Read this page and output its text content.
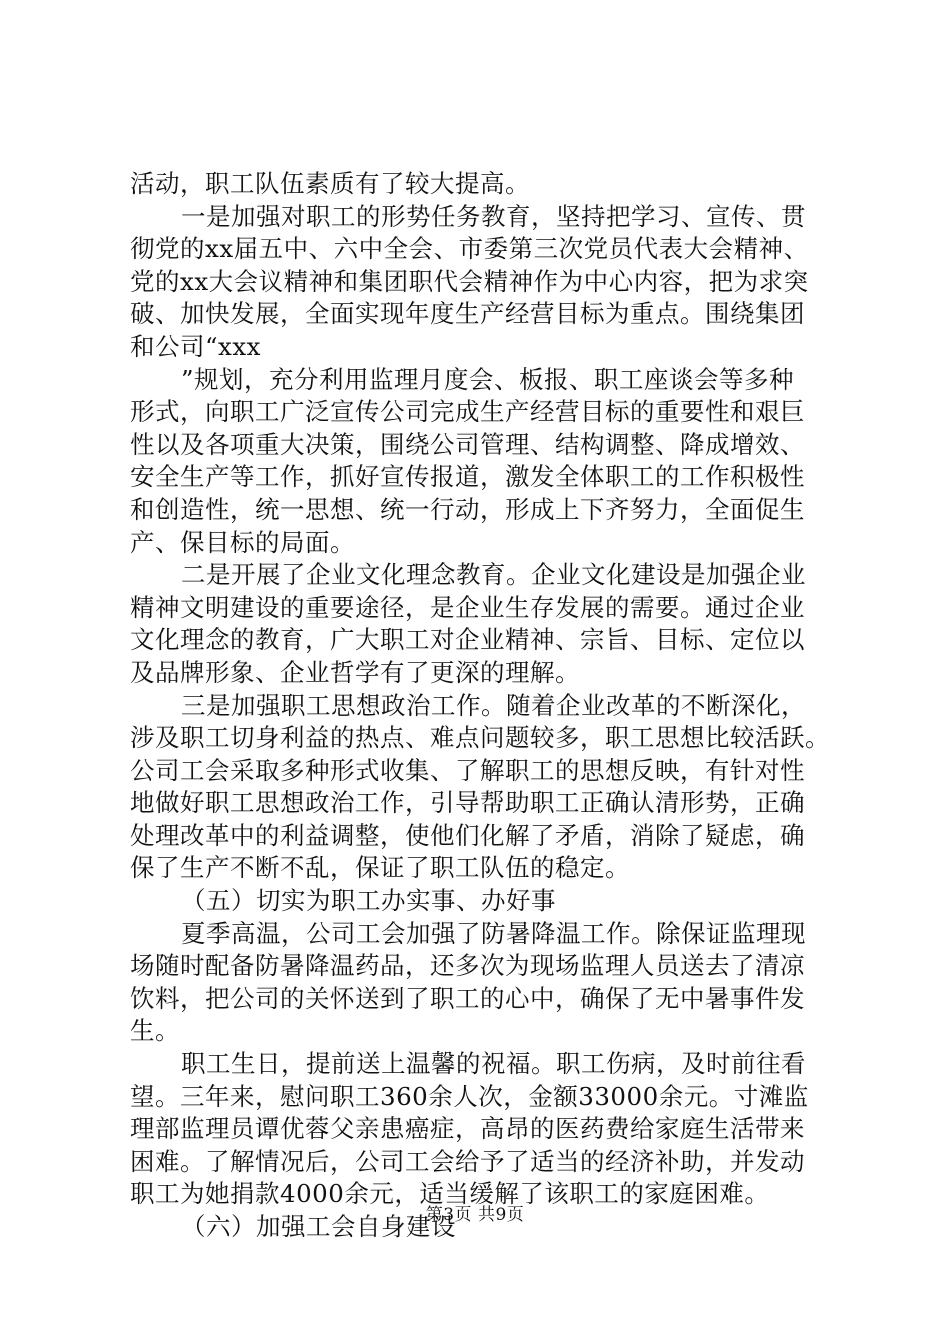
活动，职工队伍素质有了较大提高。
一是加强对职工的形势任务教育，坚持把学习、宣传、贯
彻党的xx届五中、六中全会、市委第三次党员代表大会精神、
党的xx大会议精神和集团职代会精神作为中心内容，把为求突
破、加快发展，全面实现年度生产经营目标为重点。围绕集团
和公司“xxx
”规划，充分利用监理月度会、板报、职工座谈会等多种
形式，向职工广泛宣传公司完成生产经营目标的重要性和艰巨
性以及各项重大决策，围绕公司管理、结构调整、降成增效、
安全生产等工作，抓好宣传报道，激发全体职工的工作积极性
和创造性，统一思想、统一行动，形成上下齐努力，全面促生
产、保目标的局面。
二是开展了企业文化理念教育。企业文化建设是加强企业
精神文明建设的重要途径，是企业生存发展的需要。通过企业
文化理念的教育，广大职工对企业精神、宗旨、目标、定位以
及品牌形象、企业哲学有了更深的理解。
三是加强职工思想政治工作。随着企业改革的不断深化，
涉及职工切身利益的热点、难点问题较多，职工思想比较活跃。
公司工会采取多种形式收集、了解职工的思想反映，有针对性
地做好职工思想政治工作，引导帮助职工正确认清形势，正确
处理改革中的利益调整，使他们化解了矛盾，消除了疑虑，确
保了生产不断不乱，保证了职工队伍的稳定。
（五）切实为职工办实事、办好事
夏季高温，公司工会加强了防暑降温工作。除保证监理现
场随时配备防暑降温药品，还多次为现场监理人员送去了清凉
饮料，把公司的关怀送到了职工的心中，确保了无中暑事件发
生。
职工生日，提前送上温馨的祝福。职工伤病，及时前往看
望。三年来，慰问职工360余人次，金额33000余元。寸滩监
理部监理员谭优蓉父亲患癌症，高昂的医药费给家庭生活带来
困难。了解情况后，公司工会给予了适当的经济补助，并发动
职工为她捐款4000余元，适当缓解了该职工的家庭困难。
（六）加强工会自身建设
第3页 共9页
